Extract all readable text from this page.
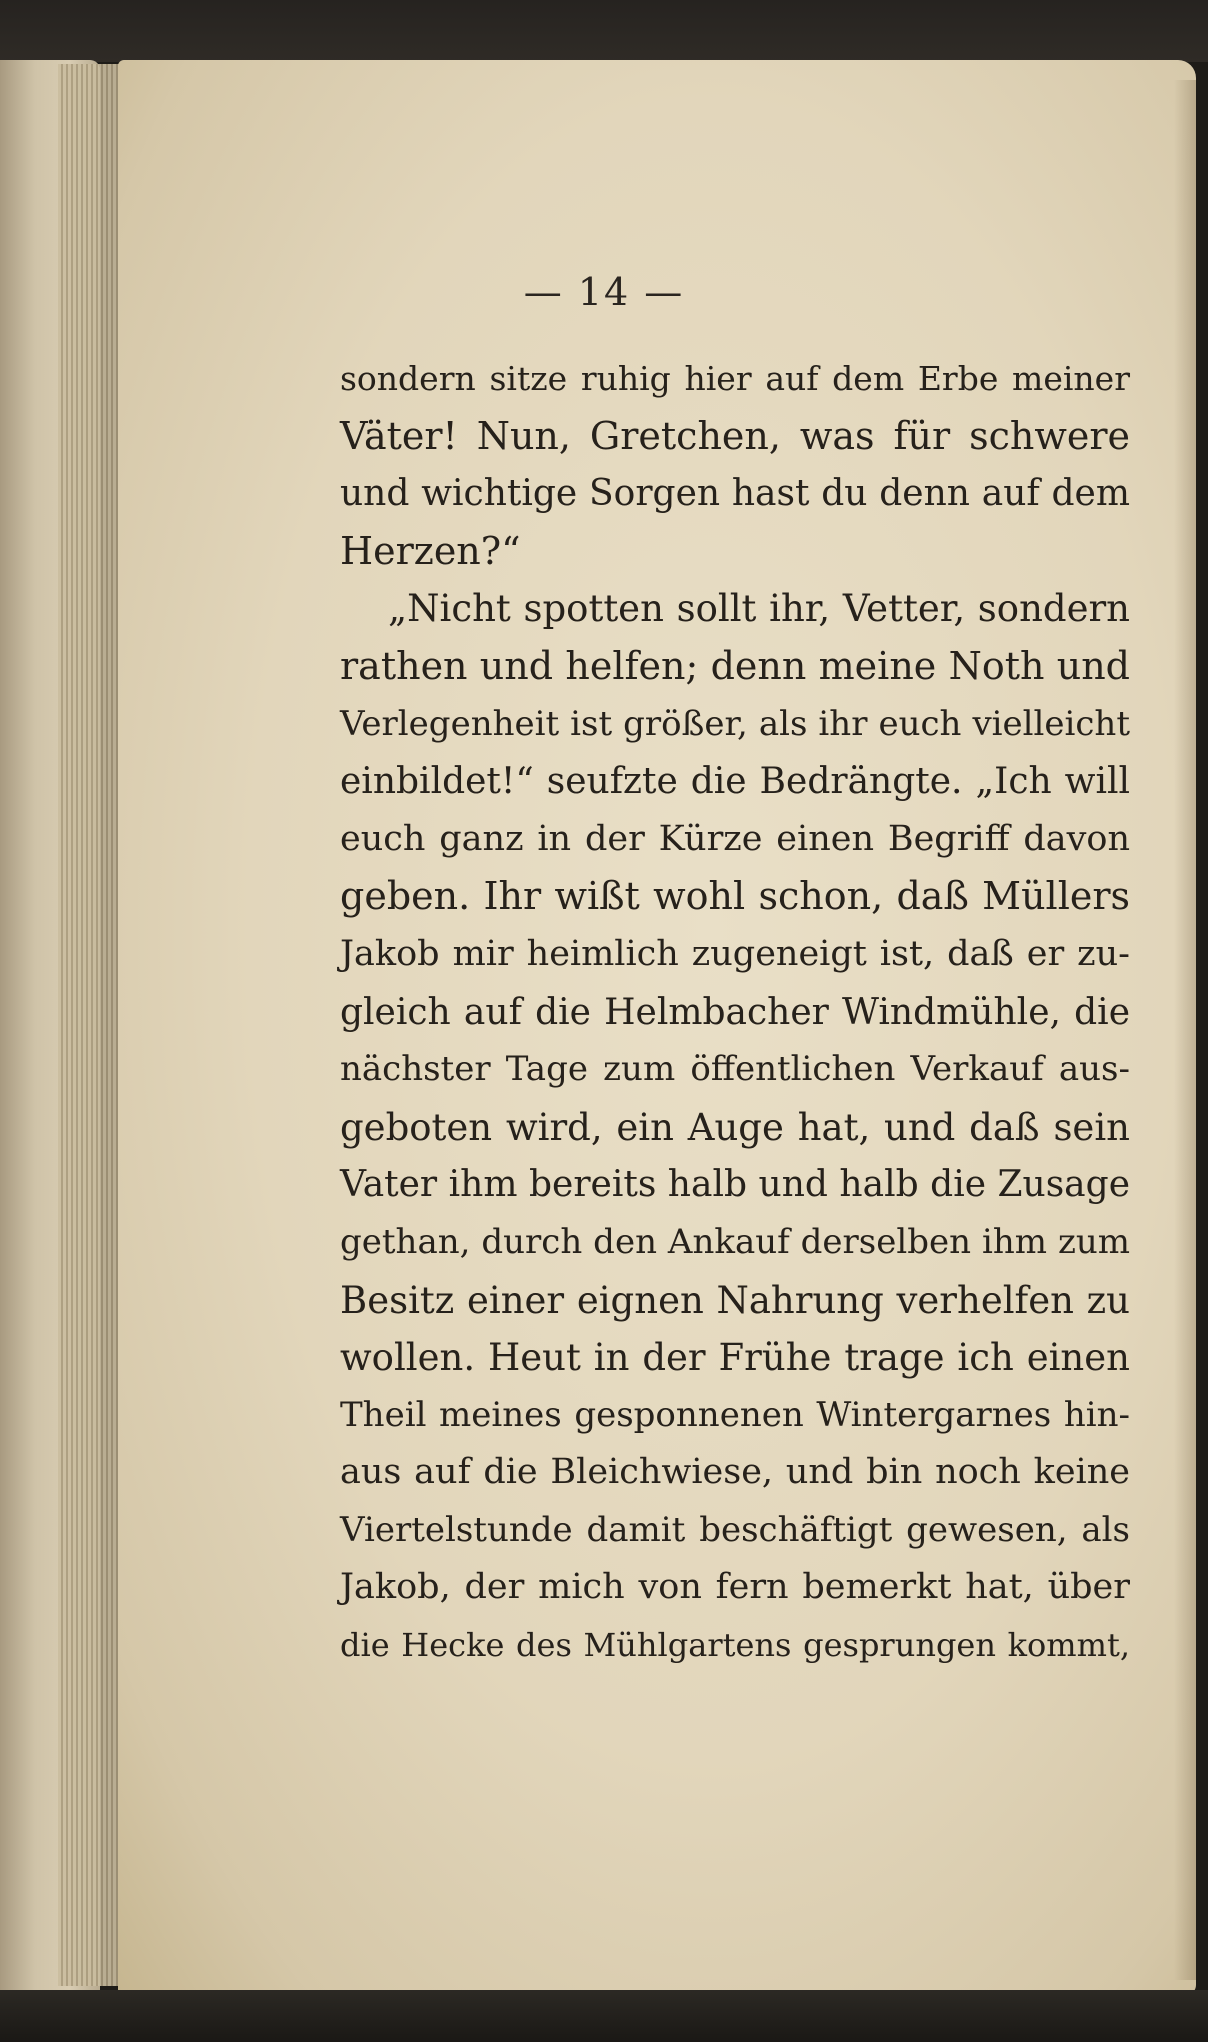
— 14 —
sondern sitze ruhig hier auf dem Erbe meiner
Väter! Nun, Gretchen, was für schwere
und wichtige Sorgen hast du denn auf dem
Herzen?“
„Nicht spotten sollt ihr, Vetter, sondern
rathen und helfen; denn meine Noth und
Verlegenheit ist größer, als ihr euch vielleicht
einbildet!“ seufzte die Bedrängte. „Ich will
euch ganz in der Kürze einen Begriff davon
geben. Ihr wißt wohl schon, daß Müllers
Jakob mir heimlich zugeneigt ist, daß er zu-
gleich auf die Helmbacher Windmühle, die
nächster Tage zum öffentlichen Verkauf aus-
geboten wird, ein Auge hat, und daß sein
Vater ihm bereits halb und halb die Zusage
gethan, durch den Ankauf derselben ihm zum
Besitz einer eignen Nahrung verhelfen zu
wollen. Heut in der Frühe trage ich einen
Theil meines gesponnenen Wintergarnes hin-
aus auf die Bleichwiese, und bin noch keine
Viertelstunde damit beschäftigt gewesen, als
Jakob, der mich von fern bemerkt hat, über
die Hecke des Mühlgartens gesprungen kommt,
